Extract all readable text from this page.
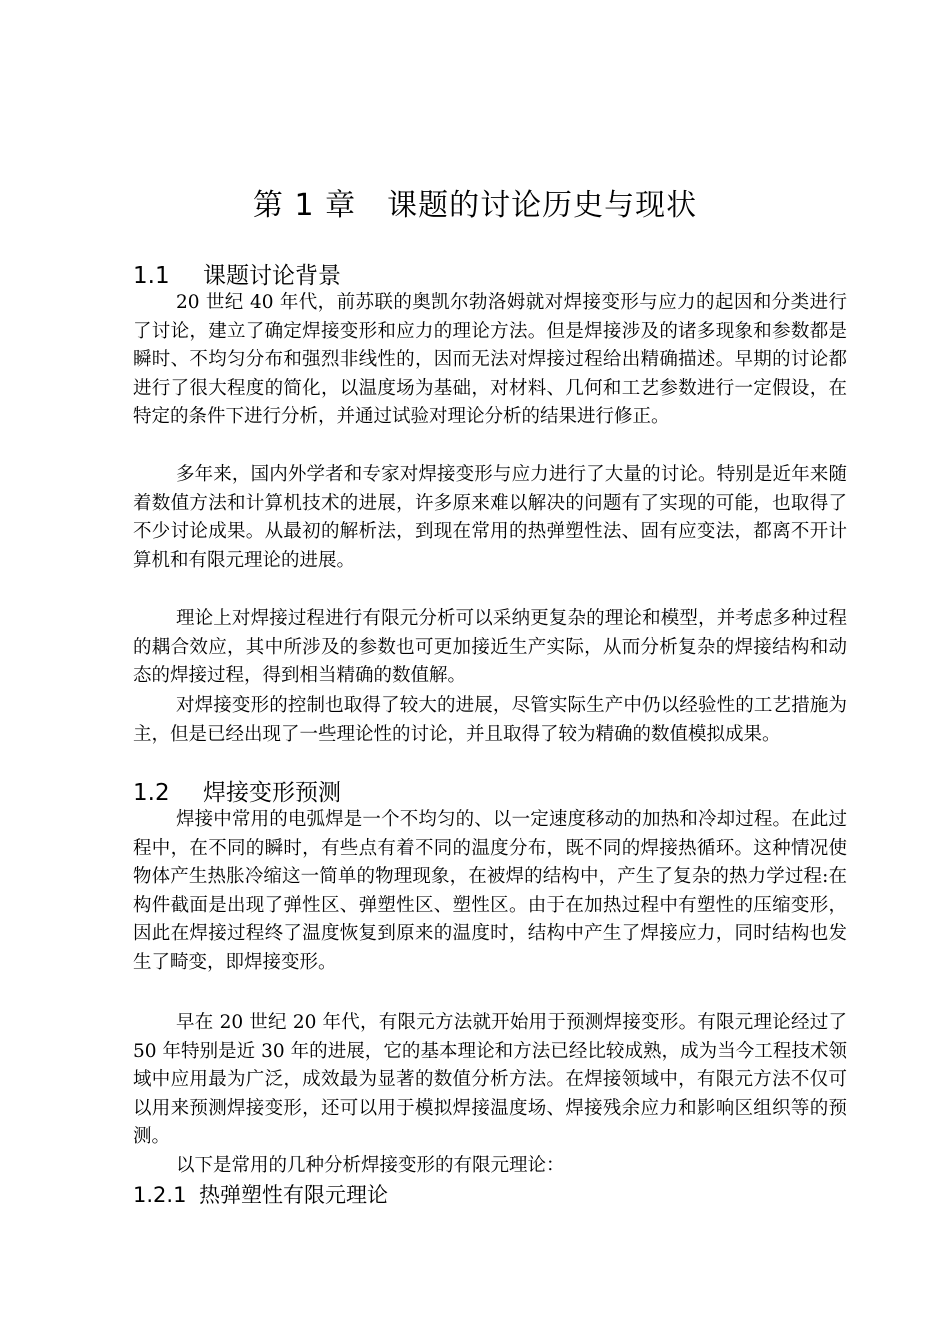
第 1 章　课题的讨论历史与现状
1.1 课题讨论背景

20 世纪 40 年代，前苏联的奥凯尔勃洛姆就对焊接变形与应力的起因和分类进行了讨论，建立了确定焊接变形和应力的理论方法。但是焊接涉及的诸多现象和参数都是瞬时、不均匀分布和强烈非线性的，因而无法对焊接过程给出精确描述。早期的讨论都进行了很大程度的简化，以温度场为基础，对材料、几何和工艺参数进行一定假设，在特定的条件下进行分析，并通过试验对理论分析的结果进行修正。

多年来，国内外学者和专家对焊接变形与应力进行了大量的讨论。特别是近年来随着数值方法和计算机技术的进展，许多原来难以解决的问题有了实现的可能，也取得了不少讨论成果。从最初的解析法，到现在常用的热弹塑性法、固有应变法，都离不开计算机和有限元理论的进展。

理论上对焊接过程进行有限元分析可以采纳更复杂的理论和模型，并考虑多种过程的耦合效应，其中所涉及的参数也可更加接近生产实际，从而分析复杂的焊接结构和动态的焊接过程，得到相当精确的数值解。

对焊接变形的控制也取得了较大的进展，尽管实际生产中仍以经验性的工艺措施为主，但是已经出现了一些理论性的讨论，并且取得了较为精确的数值模拟成果。

1.2 焊接变形预测

焊接中常用的电弧焊是一个不均匀的、以一定速度移动的加热和冷却过程。在此过程中，在不同的瞬时，有些点有着不同的温度分布，既不同的焊接热循环。这种情况使物体产生热胀冷缩这一简单的物理现象，在被焊的结构中，产生了复杂的热力学过程:在构件截面是出现了弹性区、弹塑性区、塑性区。由于在加热过程中有塑性的压缩变形，因此在焊接过程终了温度恢复到原来的温度时，结构中产生了焊接应力，同时结构也发生了畸变，即焊接变形。

早在 20 世纪 20 年代，有限元方法就开始用于预测焊接变形。有限元理论经过了 50 年特别是近 30 年的进展，它的基本理论和方法已经比较成熟，成为当今工程技术领域中应用最为广泛，成效最为显著的数值分析方法。在焊接领域中，有限元方法不仅可以用来预测焊接变形，还可以用于模拟焊接温度场、焊接残余应力和影响区组织等的预测。

以下是常用的几种分析焊接变形的有限元理论：

1.2.1 热弹塑性有限元理论
